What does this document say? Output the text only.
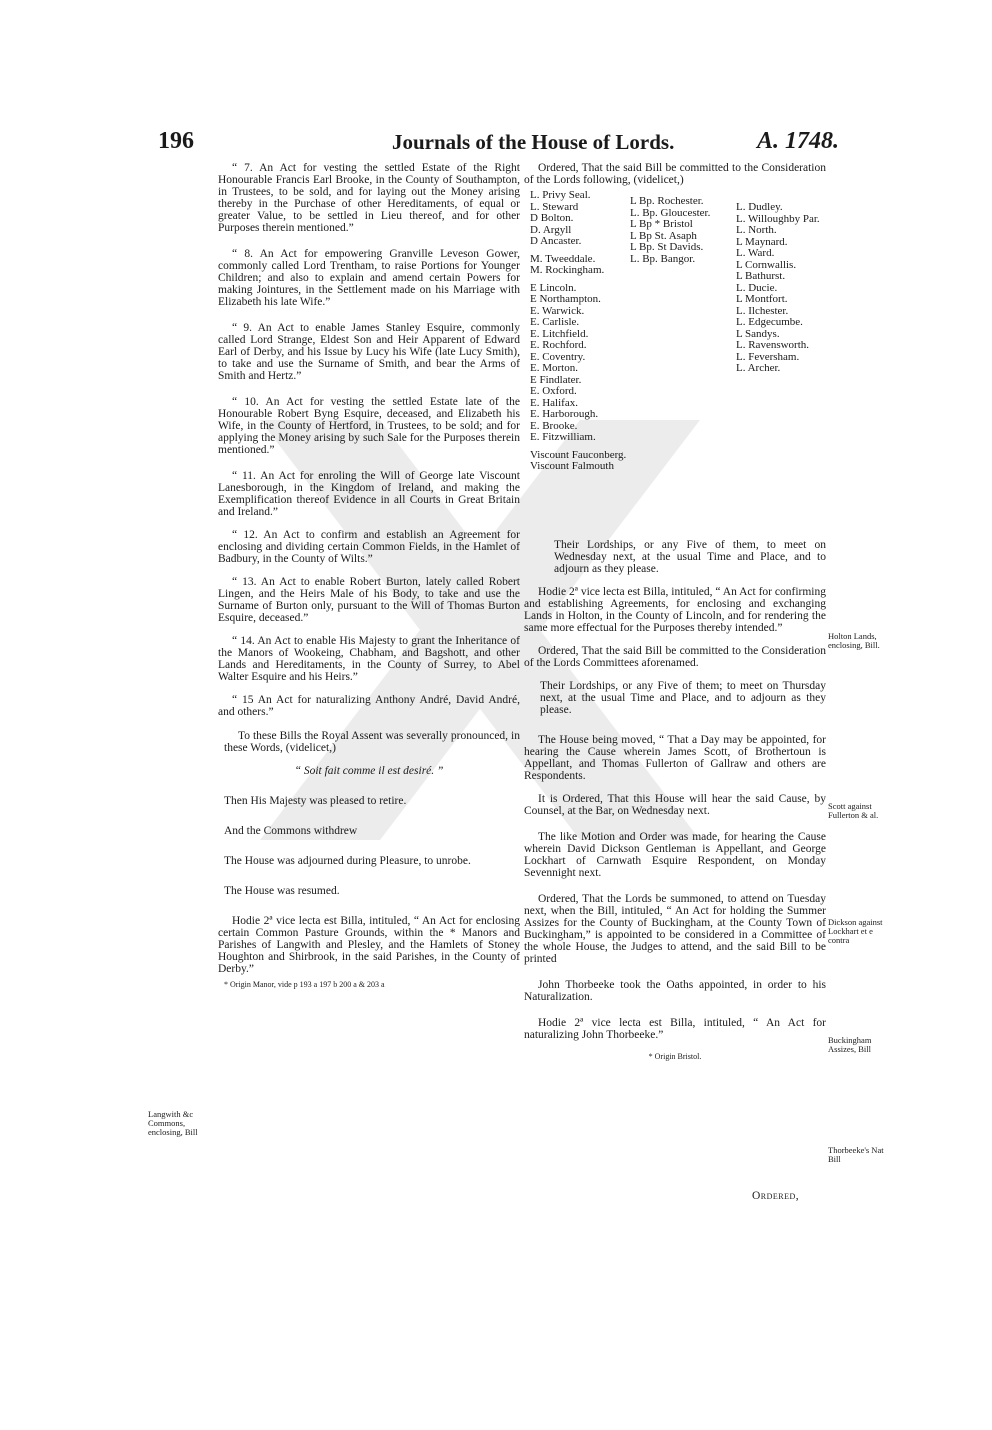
196	Journals of the House of Lords.	A. 1748.

“ 7. An Act for vesting the settled Estate of the Right Honourable Francis Earl Brooke, in the County of Southampton, in Trustees, to be sold, and for laying out the Money arising thereby in the Purchase of other Hereditaments, of equal or greater Value, to be settled in Lieu thereof, and for other Purposes therein mentioned.”

“ 8. An Act for empowering Granville Leveson Gower, commonly called Lord Trentham, to raise Portions for Younger Children; and also to explain and amend certain Powers for making Jointures, in the Settlement made on his Marriage with Elizabeth his late Wife.”

“ 9. An Act to enable James Stanley Esquire, commonly called Lord Strange, Eldest Son and Heir Apparent of Edward Earl of Derby, and his Issue by Lucy his Wife (late Lucy Smith), to take and use the Surname of Smith, and bear the Arms of Smith and Hertz.”

“ 10. An Act for vesting the settled Estate late of the Honourable Robert Byng Esquire, deceased, and Elizabeth his Wife, in the County of Hertford, in Trustees, to be sold; and for applying the Money arising by such Sale for the Purposes therein mentioned.”

“ 11. An Act for enroling the Will of George late Viscount Lanesborough, in the Kingdom of Ireland, and making the Exemplification thereof Evidence in all Courts in Great Britain and Ireland.”

“ 12. An Act to confirm and establish an Agreement for enclosing and dividing certain Common Fields, in the Hamlet of Badbury, in the County of Wilts.”

“ 13. An Act to enable Robert Burton, lately called Robert Lingen, and the Heirs Male of his Body, to take and use the Surname of Burton only, pursuant to the Will of Thomas Burton Esquire, deceased.”

“ 14. An Act to enable His Majesty to grant the Inheritance of the Manors of Wookeing, Chabham, and Bagshott, and other Lands and Hereditaments, in the County of Surrey, to Abel Walter Esquire and his Heirs.”

“ 15 An Act for naturalizing Anthony André, David André, and others.”

To these Bills the Royal Assent was severally pronounced, in these Words, (videlicet,)

“ Soit fait comme il est desiré. ”

Then His Majesty was pleased to retire.

And the Commons withdrew

The House was adjourned during Pleasure, to unrobe.

The House was resumed.

Hodie 2ª vice lecta est Billa, intituled, “ An Act for enclosing certain Common Pasture Grounds, within the * Manors and Parishes of Langwith and Plesley, and the Hamlets of Stoney Houghton and Shirbrook, in the said Parishes, in the County of Derby.”

* Origin Manor, vide p 193 a 197 b 200 a & 203 a

Ordered, That the said Bill be committed to the Consideration of the Lords following, (videlicet,)

L. Privy Seal.
L. Steward
D Bolton.
D. Argyll
D Ancaster.
M. Tweeddale.
M. Rockingham.
E Lincoln.
E Northampton.
E. Warwick.
E. Carlisle.
E. Litchfield.
E. Rochford.
E. Coventry.
E. Morton.
E Findlater.
E. Oxford.
E. Halifax.
E. Harborough.
E. Brooke.
E. Fitzwilliam.
Viscount Fauconberg.
Viscount Falmouth
L Bp. Rochester.
L. Bp. Gloucester.
L Bp * Bristol
L Bp St. Asaph
L Bp. St Davids.
L. Bp. Bangor.
L. Dudley.
L. Willoughby Par.
L. North.
L Maynard.
L. Ward.
L Cornwallis.
L Bathurst.
L. Ducie.
L Montfort.
L. Ilchester.
L. Edgecumbe.
L Sandys.
L. Ravensworth.
L. Feversham.
L. Archer.

Their Lordships, or any Five of them, to meet on Wednesday next, at the usual Time and Place, and to adjourn as they please.

Hodie 2ª vice lecta est Billa, intituled, “ An Act for confirming and establishing Agreements, for enclosing and exchanging Lands in Holton, in the County of Lincoln, and for rendering the same more effectual for the Purposes thereby intended.”

Ordered, That the said Bill be committed to the Consideration of the Lords Committees aforenamed.

Their Lordships, or any Five of them; to meet on Thursday next, at the usual Time and Place, and to adjourn as they please.

The House being moved, “ That a Day may be appointed, for hearing the Cause wherein James Scott, of Brothertoun is Appellant, and Thomas Fullerton of Gallraw and others are Respondents.

It is Ordered, That this House will hear the said Cause, by Counsel, at the Bar, on Wednesday next.

The like Motion and Order was made, for hearing the Cause wherein David Dickson Gentleman is Appellant, and George Lockhart of Carnwath Esquire Respondent, on Monday Sevennight next.

Ordered, That the Lords be summoned, to attend on Tuesday next, when the Bill, intituled, “ An Act for holding the Summer Assizes for the County of Buckingham, at the County Town of Buckingham,” is appointed to be considered in a Committee of the whole House, the Judges to attend, and the said Bill to be printed

John Thorbeeke took the Oaths appointed, in order to his Naturalization.

Hodie 2ª vice lecta est Billa, intituled, “ An Act for naturalizing John Thorbeeke.”

* Origin Bristol.

Ordered,
Holton Lands, enclosing, Bill.
Scott against Fullerton & al.
Dickson against Lockhart et e contra
Buckingham Assizes, Bill
Thorbeeke's Nat Bill
Langwith &c Commons, enclosing, Bill
